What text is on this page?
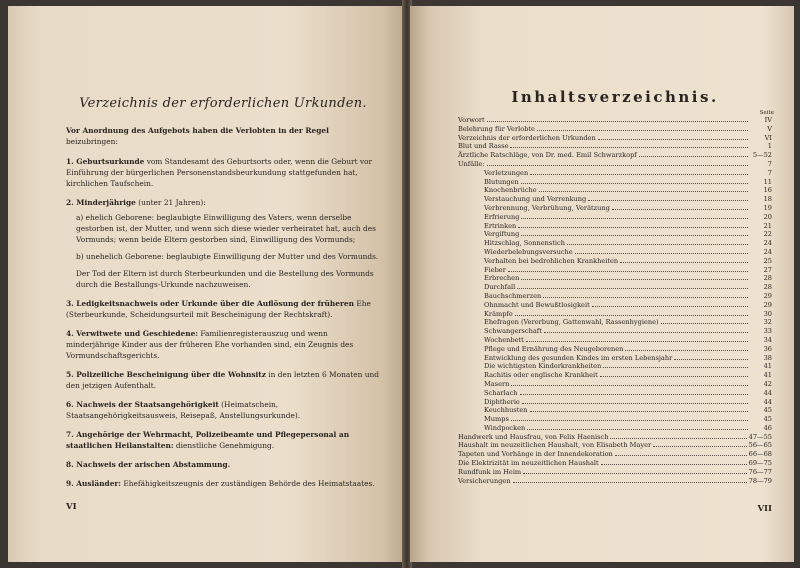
Verzeichnis der erforderlichen Urkunden.

Vor Anordnung des Aufgebots haben die Verlobten in der Regel beizubringen:

1. Geburtsurkunde vom Standesamt des Geburtsorts oder, wenn die Geburt vor Einführung der bürgerlichen Personenstandsbeurkundung stattgefunden hat, kirchlichen Taufschein.

2. Minderjährige (unter 21 Jahren):
a) ehelich Geborene: beglaubigte Einwilligung des Vaters, wenn derselbe gestorben ist, der Mutter, und wenn sich diese wieder verheiratet hat, auch des Vormunds; wenn beide Eltern gestorben sind, Einwilligung des Vormunds;
b) unehelich Geborene: beglaubigte Einwilligung der Mutter und des Vormunds.
Der Tod der Eltern ist durch Sterbeurkunden und die Bestellung des Vormunds durch die Bestallungs-Urkunde nachzuweisen.

3. Ledigkeitsnachweis oder Urkunde über die Auflösung der früheren Ehe (Sterbeurkunde, Scheidungsurteil mit Bescheinigung der Rechtskraft).

4. Verwitwete und Geschiedene: Familienregisterauszug und wenn minderjährige Kinder aus der früheren Ehe vorhanden sind, ein Zeugnis des Vormundschaftsgerichts.

5. Polizeiliche Bescheinigung über die Wohnsitz in den letzten 6 Monaten und den jetzigen Aufenthalt.

6. Nachweis der Staatsangehörigkeit (Heimatschein, Staatsangehörigkeitsausweis, Reisepaß, Anstellungsurkunde).

7. Angehörige der Wehrmacht, Polizeibeamte und Pflegepersonal an staatlichen Heilanstalten: dienstliche Genehmigung.

8. Nachweis der arischen Abstammung.

9. Ausländer: Ehefähigkeitszeugnis der zuständigen Behörde des Heimatstaates.

VI
Inhaltsverzeichnis.
Seite
Vorwort	IV
Belehrung für Verlobte	V
Verzeichnis der erforderlichen Urkunden	VI
Blut und Rasse	1
Ärztliche Ratschläge, von Dr. med. Emil Schwarzkopf	5—52
Unfälle:	7
Verletzungen	7
Blutungen	11
Knochenbrüche	16
Verstauchung und Verrenkung	18
Verbrennung, Verbrühung, Verätzung	19
Erfrierung	20
Ertrinken	21
Vergiftung	22
Hitzschlag, Sonnenstich	24
Wiederbelebungsversuche	24
Verhalten bei bedrohlichen Krankheiten	25
Fieber	27
Erbrechen	28
Durchfall	28
Bauchschmerzen	29
Ohnmacht und Bewußtlosigkeit	29
Krämpfe	30
Ehefragen (Vererbung, Gattenwahl, Rassenhygiene)	32
Schwangerschaft	33
Wochenbett	34
Pflege und Ernährung des Neugeborenen	36
Entwicklung des gesunden Kindes im ersten Lebensjahr	38
Die wichtigsten Kinderkrankheiten	41
Rachitis oder englische Krankheit	41
Masern	42
Scharlach	44
Diphtherie	44
Keuchhusten	45
Mumps	45
Windpocken	46
Handwerk und Hausfrau, von Felix Haenisch	47—55
Haushalt im neuzeitlichen Haushalt, von Elisabeth Mayer	56—65
Tapeten und Vorhänge in der Innendekoration	66—68
Die Elektrizität im neuzeitlichen Haushalt	69—75
Rundfunk im Heim	76—77
Versicherungen	78—79
VII
